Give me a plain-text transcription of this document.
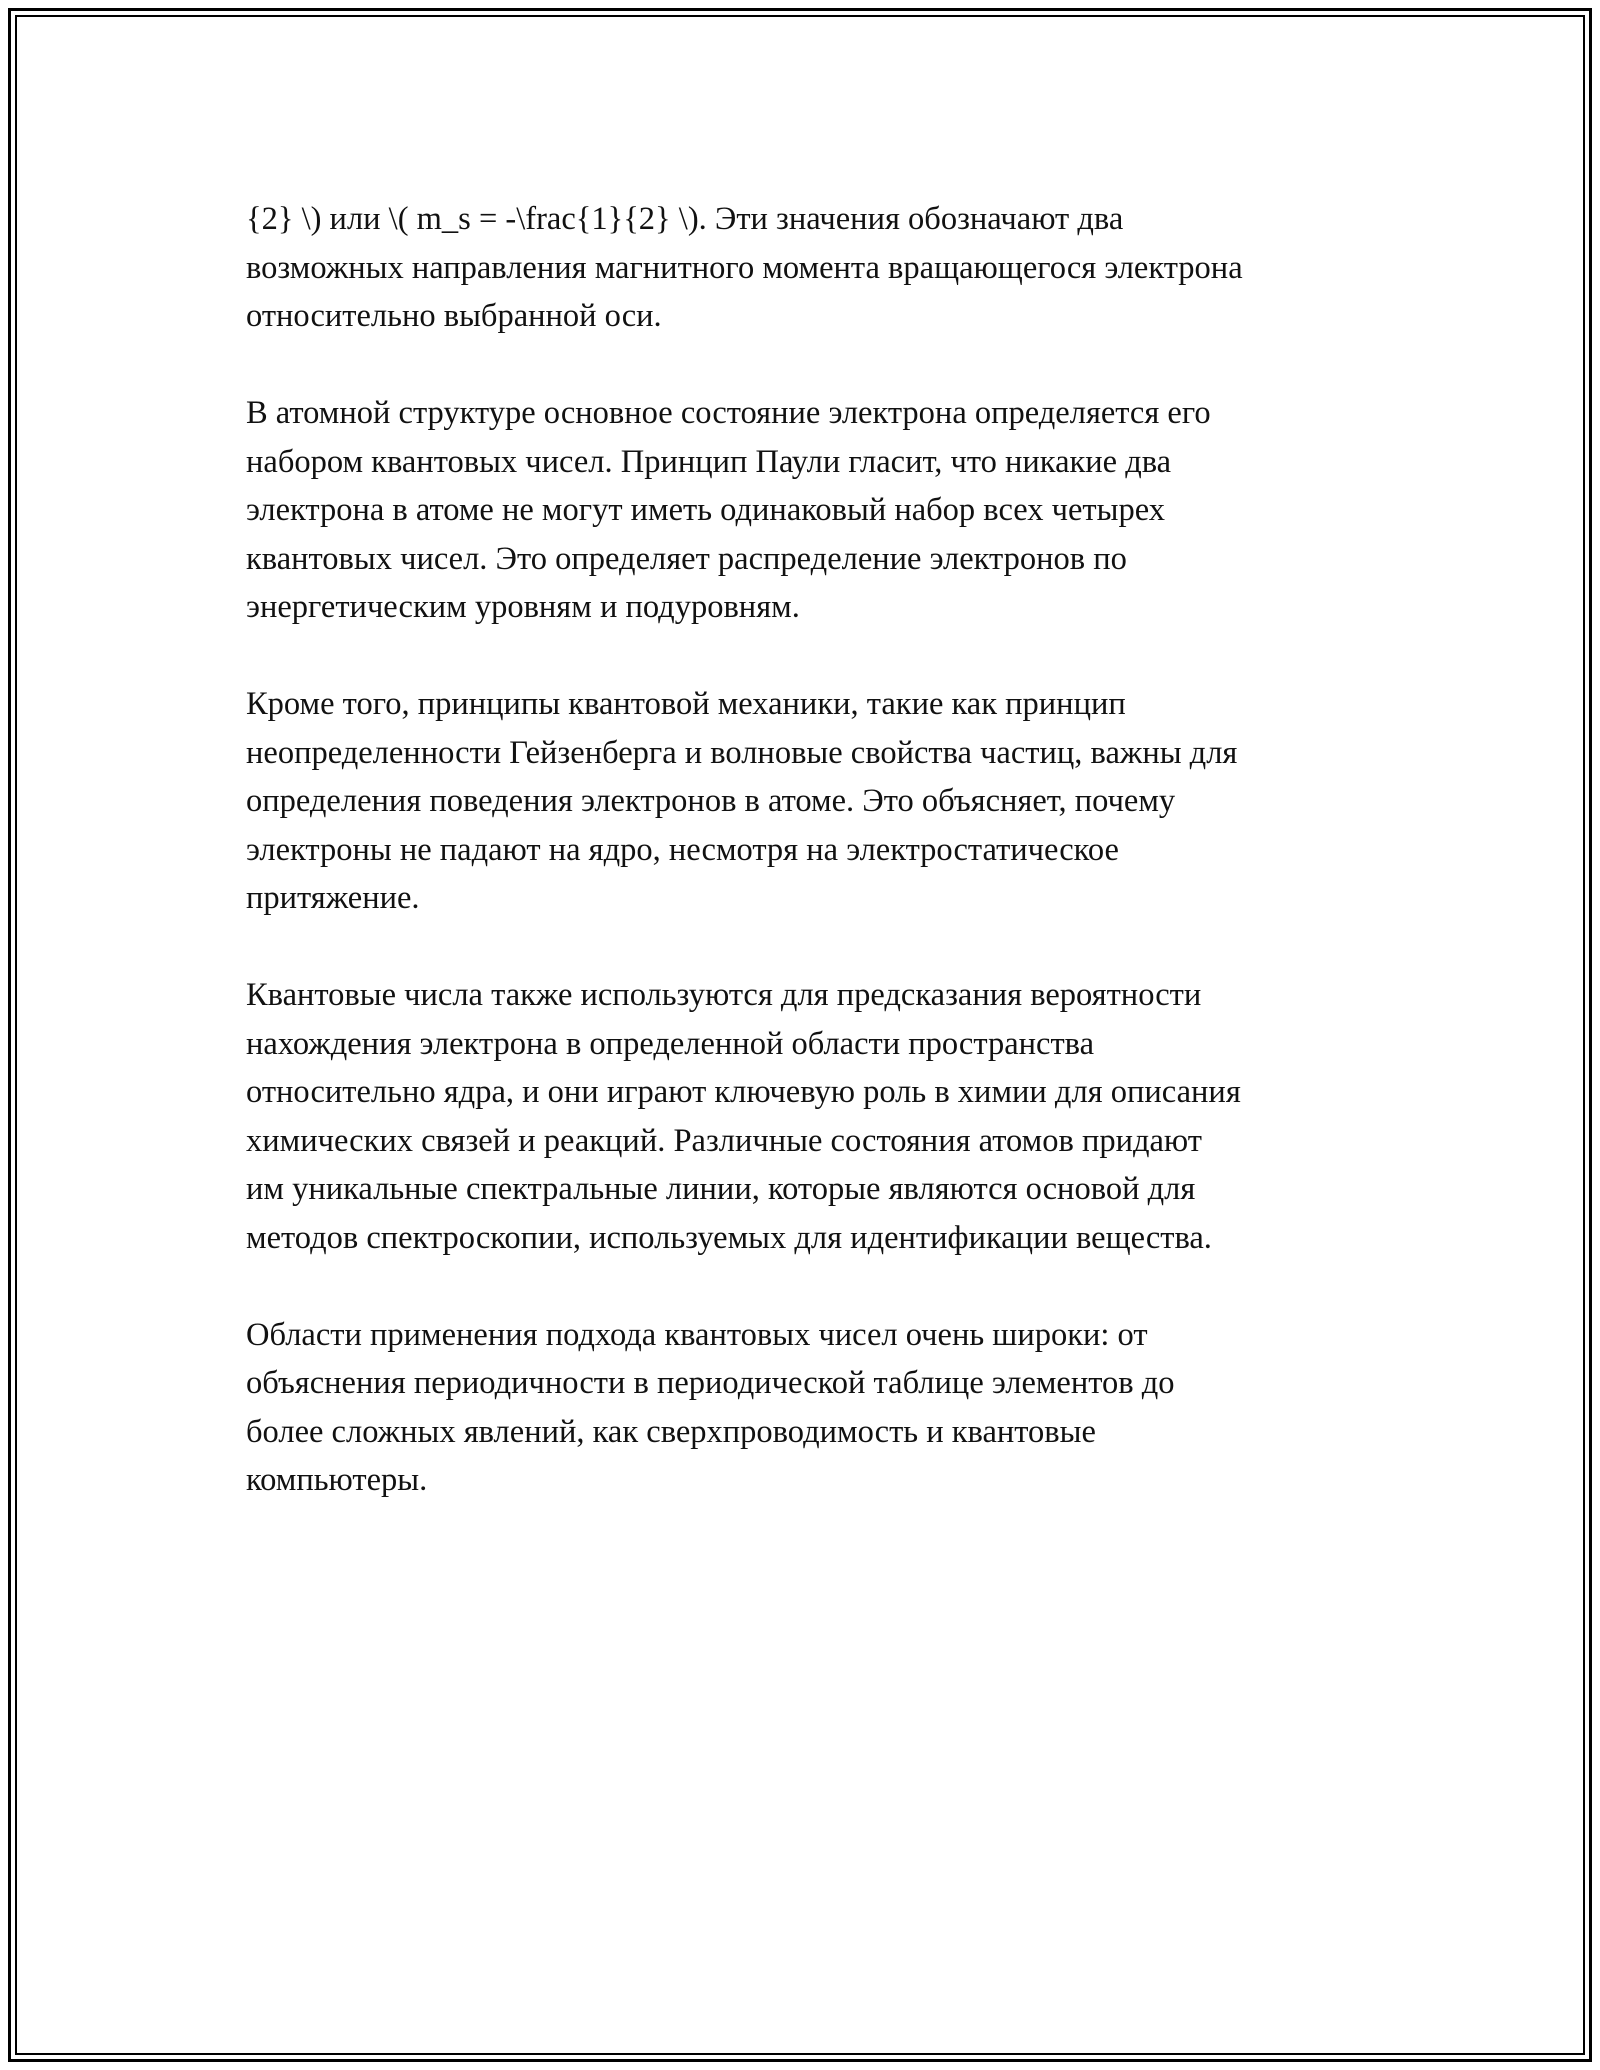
{2} \) или \( m_s = -\frac{1}{2} \). Эти значения обозначают два
возможных направления магнитного момента вращающегося электрона
относительно выбранной оси.

В атомной структуре основное состояние электрона определяется его
набором квантовых чисел. Принцип Паули гласит, что никакие два
электрона в атоме не могут иметь одинаковый набор всех четырех
квантовых чисел. Это определяет распределение электронов по
энергетическим уровням и подуровням.

Кроме того, принципы квантовой механики, такие как принцип
неопределенности Гейзенберга и волновые свойства частиц, важны для
определения поведения электронов в атоме. Это объясняет, почему
электроны не падают на ядро, несмотря на электростатическое
притяжение.

Квантовые числа также используются для предсказания вероятности
нахождения электрона в определенной области пространства
относительно ядра, и они играют ключевую роль в химии для описания
химических связей и реакций. Различные состояния атомов придают
им уникальные спектральные линии, которые являются основой для
методов спектроскопии, используемых для идентификации вещества.

Области применения подхода квантовых чисел очень широки: от
объяснения периодичности в периодической таблице элементов до
более сложных явлений, как сверхпроводимость и квантовые
компьютеры.
